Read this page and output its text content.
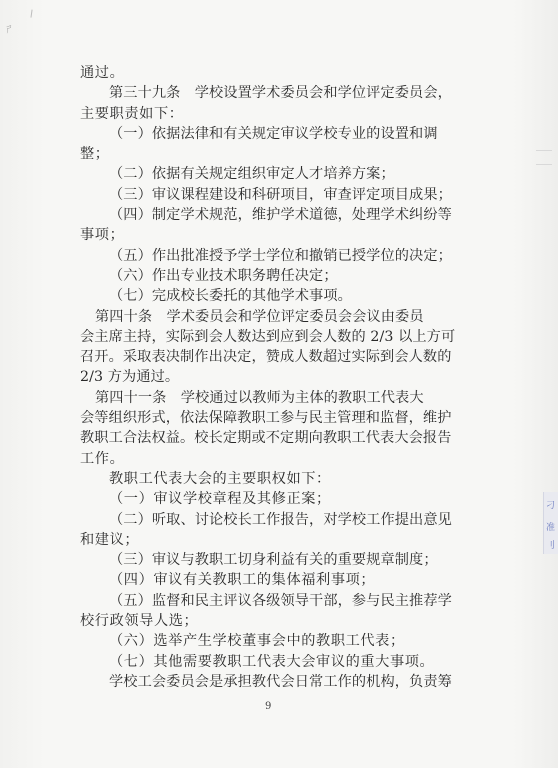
ㄕ
通过。
第三十九条　学校设置学术委员会和学位评定委员会，
主要职责如下：
（一）依据法律和有关规定审议学校专业的设置和调
整；
（二）依据有关规定组织审定人才培养方案；
（三）审议课程建设和科研项目，审查评定项目成果；
（四）制定学术规范，维护学术道德，处理学术纠纷等
事项；
（五）作出批准授予学士学位和撤销已授学位的决定；
（六）作出专业技术职务聘任决定；
（七）完成校长委托的其他学术事项。
第四十条　学术委员会和学位评定委员会会议由委员
会主席主持，实际到会人数达到应到会人数的 2/3 以上方可
召开。采取表决制作出决定，赞成人数超过实际到会人数的
2/3 方为通过。
第四十一条　学校通过以教师为主体的教职工代表大
会等组织形式，依法保障教职工参与民主管理和监督，维护
教职工合法权益。校长定期或不定期向教职工代表大会报告
工作。
教职工代表大会的主要职权如下：
（一）审议学校章程及其修正案；
（二）听取、讨论校长工作报告，对学校工作提出意见
和建议；
（三）审议与教职工切身利益有关的重要规章制度；
（四）审议有关教职工的集体福利事项；
（五）监督和民主评议各级领导干部，参与民主推荐学
校行政领导人选；
（六）选举产生学校董事会中的教职工代表；
（七）其他需要教职工代表大会审议的重大事项。
学校工会委员会是承担教代会日常工作的机构，负责筹
9
刁
准
刂
